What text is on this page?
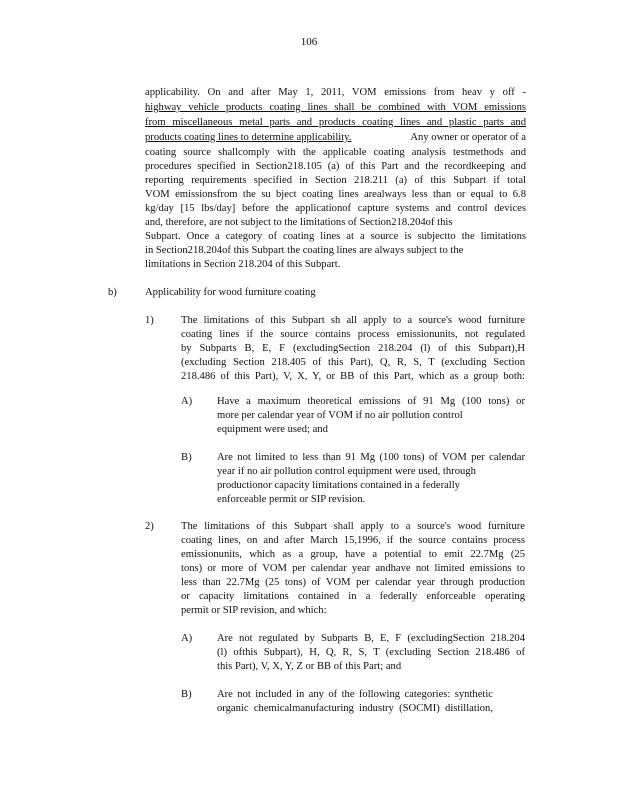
106
applicability. On and after May 1, 2011, VOM emissions from heav y off -
highway vehicle products coating lines shall be combined with VOM emissions
from miscellaneous metal parts and products coating lines and plastic parts and
products coating lines to determine applicability.	Any owner or operator of a
coating source shallcomply with the applicable coating analysis testmethods and
procedures specified in Section218.105 (a) of this Part and the recordkeeping and
reporting requirements specified in Section 218.211 (a) of this Subpart if total
VOM emissionsfrom the su bject coating lines arealways less than or equal to 6.8
kg/day [15 lbs/day] before the applicationof capture systems and control devices
and, therefore, are not subject to the limitations of Section218.204of this
Subpart. Once a category of coating lines at a source is subjectto the limitations
in Section218.204of this Subpart the coating lines are always subject to the
limitations in Section 218.204 of this Subpart.
b)	Applicability for wood furniture coating
1)	The limitations of this Subpart sh all apply to a source's wood furniture
coating lines if the source contains process emissionunits, not regulated
by Subparts B, E, F (excludingSection 218.204 (l) of this Subpart),H
(excluding Section 218.405 of this Part), Q, R, S, T (excluding Section
218.486 of this Part), V, X, Y, or BB of this Part, which as a group both:
A) Have a maximum theoretical emissions of 91 Mg (100 tons) or
more per calendar year of VOM if no air pollution control
equipment were used; and
B) Are not limited to less than 91 Mg (100 tons) of VOM per calendar
year if no air pollution control equipment were used, through
productionor capacity limitations contained in a federally
enforceable permit or SIP revision.
2)	The limitations of this Subpart shall apply to a source's wood furniture
coating lines, on and after March 15,1996, if the source contains process
emissionunits, which as a group, have a potential to emit 22.7Mg (25
tons) or more of VOM per calendar year andhave not limited emissions to
less than 22.7Mg (25 tons) of VOM per calendar year through production
or capacity limitations contained in a federally enforceable operating
permit or SIP revision, and which:
A) Are not regulated by Subparts B, E, F (excludingSection 218.204
(l) ofthis Subpart), H, Q, R, S, T (excluding Section 218.486 of
this Part), V, X, Y, Z or BB of this Part; and
B) Are not included in any of the following categories: synthetic
organic chemicalmanufacturing industry (SOCMI) distillation,
